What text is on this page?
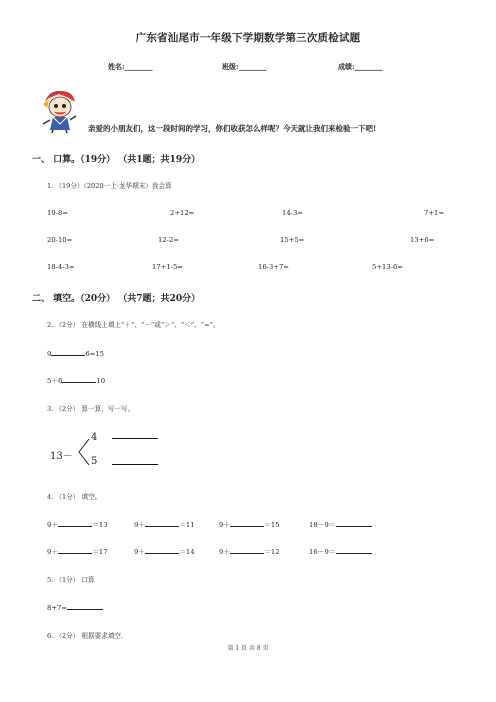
广东省汕尾市一年级下学期数学第三次质检试题
姓名:________	班级:________	成绩:________
亲爱的小朋友们，这一段时间的学习，你们收获怎么样呢？今天就让我们来检验一下吧!
一、 口算。（19分） （共1题；共19分）
1. （19分）（2020一上·龙华期末）我会算
19-8=	2+12=	14-3=	7+1=
20-10=	12-2=	15+5=	13+6=
18-4-3=	17+1-5=	16-3+7=	5+13-6=
二、 填空。（20分） （共7题；共20分）
2. （2分） 在横线上填上“＋”、“－”或“＞”、“＜”、“=”。
9	6=15
5＋6	10
3. （2分） 算一算，写一写。
13－
4
5
4. （1分） 填空。
9＋	＝13	9＋	＝11	9＋	＝15	18－9＝
9＋	＝17	9＋	＝14	9＋	＝12	16－9＝
5. （1分） 口算
8+7=
6. （2分） 根据要求填空.
第 1 页 共 8 页
